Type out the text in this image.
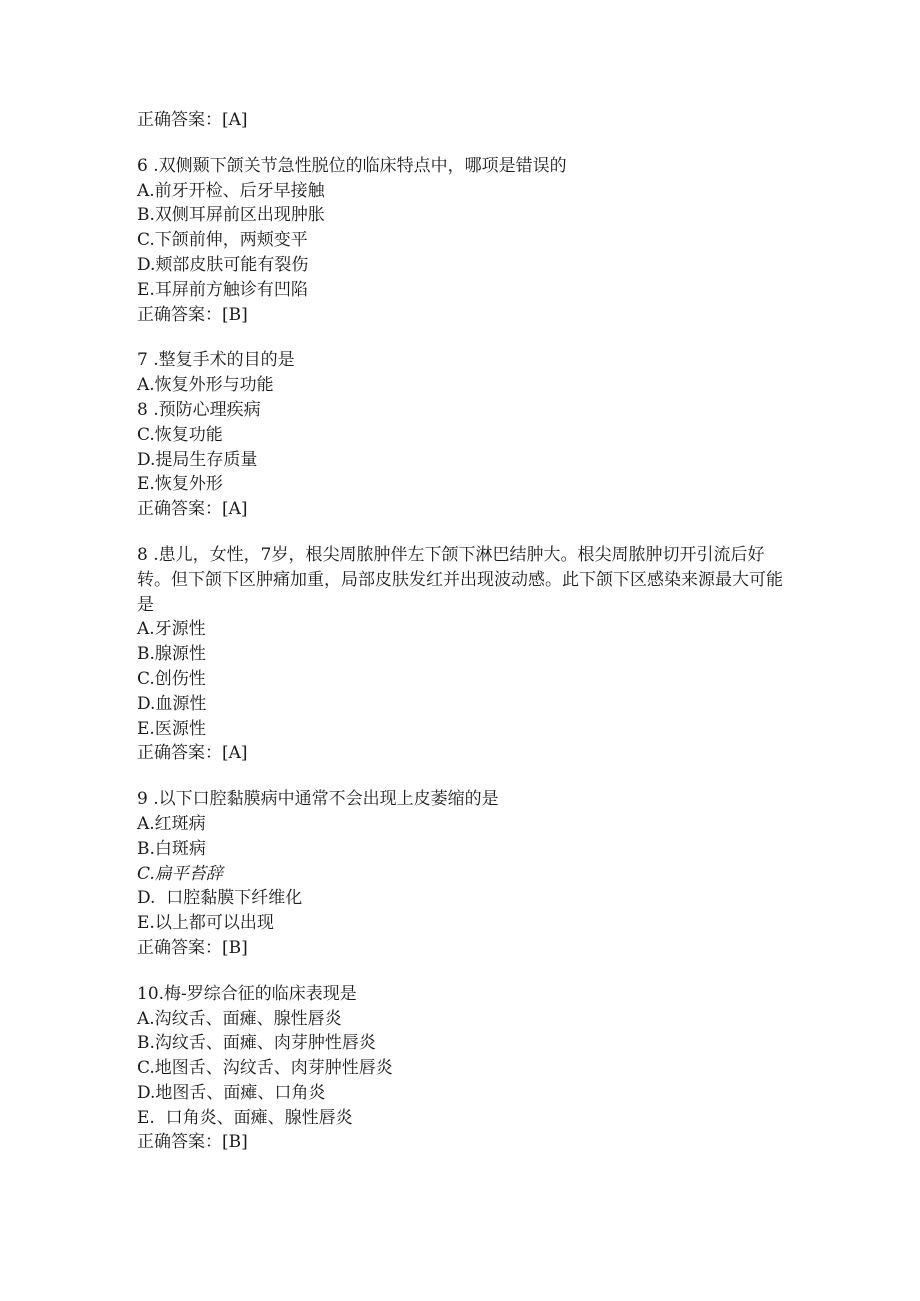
正确答案：[A]
6 .双侧颞下颌关节急性脱位的临床特点中，哪项是错误的
A.前牙开检、后牙早接触
B.双侧耳屏前区出现肿胀
C.下颌前伸，两颊变平
D.颊部皮肤可能有裂伤
E.耳屏前方触诊有凹陷
正确答案：[B]
7 .整复手术的目的是
A.恢复外形与功能
8 .预防心理疾病
C.恢复功能
D.提局生存质量
E.恢复外形
正确答案：[A]
8 .患儿，女性，7岁，根尖周脓肿伴左下颌下淋巴结肿大。根尖周脓肿切开引流后好转。但下颌下区肿痛加重，局部皮肤发红并出现波动感。此下颌下区感染来源最大可能是
A.牙源性
B.腺源性
C.创伤性
D.血源性
E.医源性
正确答案：[A]
9 .以下口腔黏膜病中通常不会出现上皮萎缩的是
A.红斑病
B.白斑病
C.扁平苔辞
D.  口腔黏膜下纤维化
E.以上都可以出现
正确答案：[B]
10.梅-罗综合征的临床表现是
A.沟纹舌、面瘫、腺性唇炎
B.沟纹舌、面瘫、肉芽肿性唇炎
C.地图舌、沟纹舌、肉芽肿性唇炎
D.地图舌、面瘫、口角炎
E.  口角炎、面瘫、腺性唇炎
正确答案：[B]
